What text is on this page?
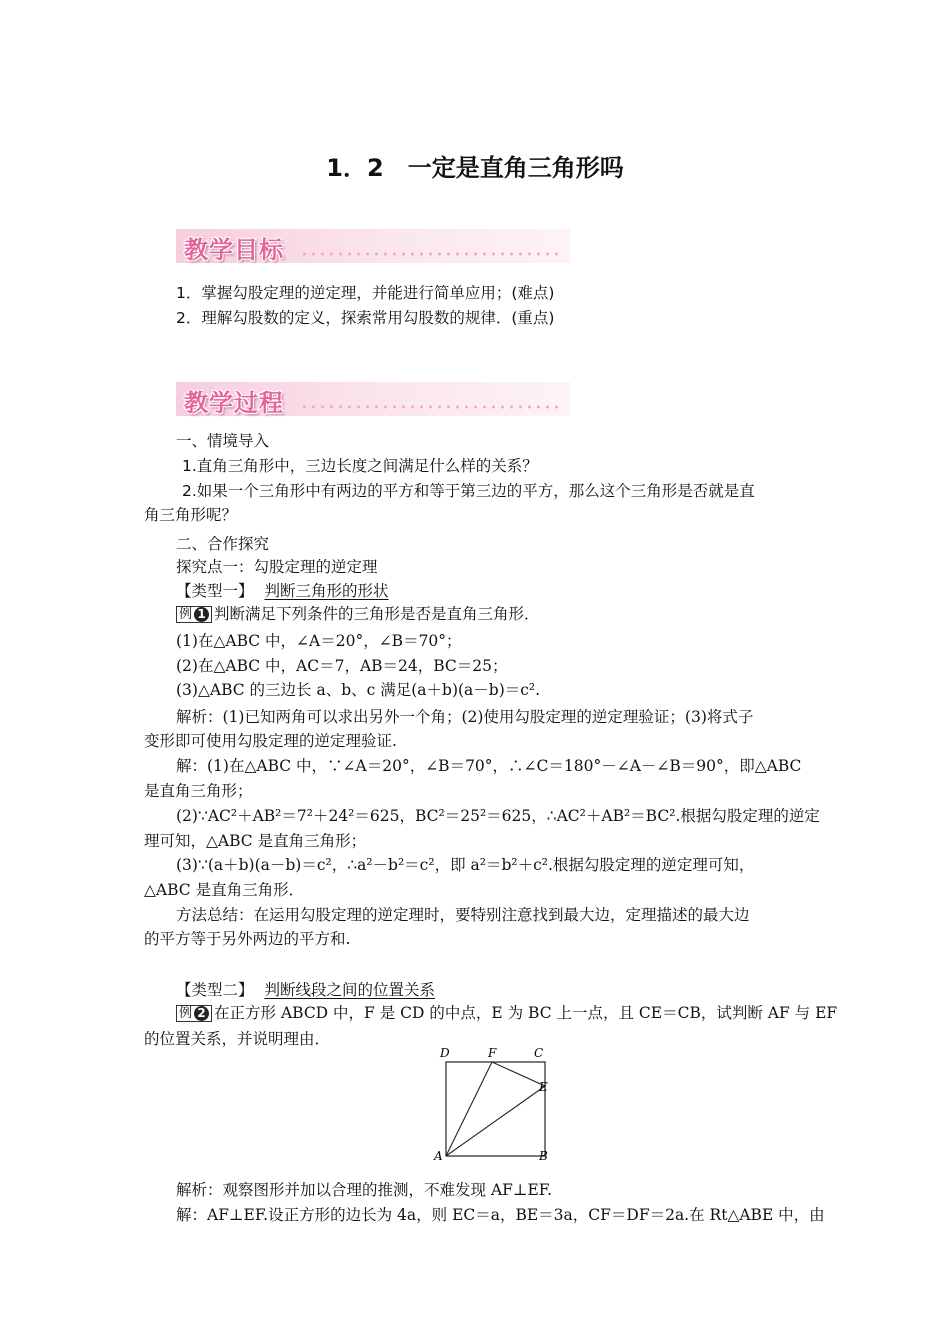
1．2　一定是直角三角形吗
教学目标
1．掌握勾股定理的逆定理，并能进行简单应用；(难点)
2．理解勾股数的定义，探索常用勾股数的规律．(重点)
教学过程
一、情境导入
1.直角三角形中，三边长度之间满足什么样的关系？
2.如果一个三角形中有两边的平方和等于第三边的平方，那么这个三角形是否就是直
角三角形呢？
二、合作探究
探究点一：勾股定理的逆定理
【类型一】 判断三角形的形状
例 1 判断满足下列条件的三角形是否是直角三角形．
(1)在△ABC 中，∠A＝20°，∠B＝70°；
(2)在△ABC 中，AC＝7，AB＝24，BC＝25；
(3)△ABC 的三边长 a、b、c 满足(a＋b)(a－b)＝c².
解析：(1)已知两角可以求出另外一个角；(2)使用勾股定理的逆定理验证；(3)将式子
变形即可使用勾股定理的逆定理验证.
解：(1)在△ABC 中，∵∠A＝20°，∠B＝70°，∴∠C＝180°－∠A－∠B＝90°，即△ABC
是直角三角形；
(2)∵AC²＋AB²＝7²＋24²＝625，BC²＝25²＝625，∴AC²＋AB²＝BC².根据勾股定理的逆定
理可知，△ABC 是直角三角形；
(3)∵(a＋b)(a－b)＝c²，∴a²－b²＝c²，即 a²＝b²＋c².根据勾股定理的逆定理可知，
△ABC 是直角三角形．
方法总结：在运用勾股定理的逆定理时，要特别注意找到最大边，定理描述的最大边
的平方等于另外两边的平方和.
【类型二】 判断线段之间的位置关系
例 2 在正方形 ABCD 中，F 是 CD 的中点，E 为 BC 上一点，且 CE＝CB，试判断 AF 与 EF
的位置关系，并说明理由．
D	F	C
E
A	B
解析：观察图形并加以合理的推测，不难发现 AF⊥EF.
解：AF⊥EF.设正方形的边长为 4a，则 EC＝a，BE＝3a，CF＝DF＝2a.在 Rt△ABE 中，由
